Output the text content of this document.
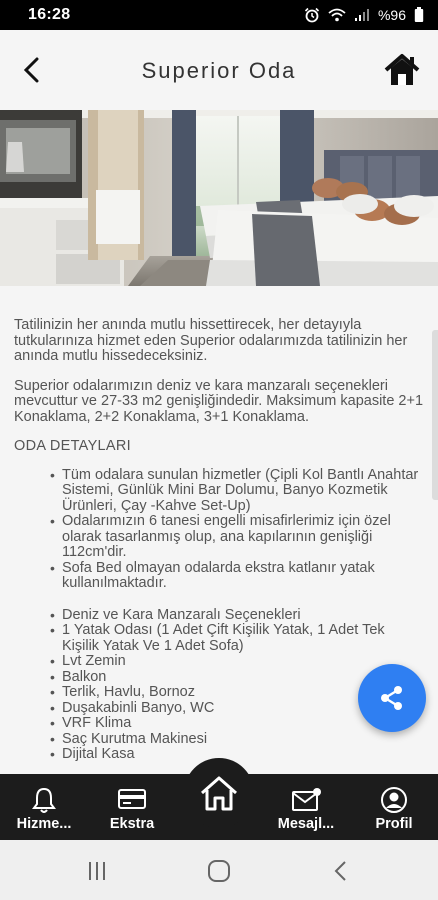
16:28	%96
Superior Oda

Tatilinizin her anında mutlu hissettirecek, her detayıyla tutkularınıza hizmet eden Superior odalarımızda tatilinizin her anında mutlu hissedeceksiniz.

Superior odalarımızın deniz ve kara manzaralı seçenekleri mevcuttur ve 27-33 m2 genişliğindedir. Maksimum kapasite 2+1 Konaklama, 2+2 Konaklama, 3+1 Konaklama.

ODA DETAYLARI
• Tüm odalara sunulan hizmetler (Çipli Kol Bantlı Anahtar Sistemi, Günlük Mini Bar Dolumu, Banyo Kozmetik Ürünleri, Çay -Kahve Set-Up)
• Odalarımızın 6 tanesi engelli misafirlerimiz için özel olarak tasarlanmış olup, ana kapılarının genişliği 112cm'dir.
• Sofa Bed olmayan odalarda ekstra katlanır yatak kullanılmaktadır.
• Deniz ve Kara Manzaralı Seçenekleri
• 1 Yatak Odası (1 Adet Çift Kişilik Yatak, 1 Adet Tek Kişilik Yatak Ve 1 Adet Sofa)
• Lvt Zemin
• Balkon
• Terlik, Havlu, Bornoz
• Duşakabinli Banyo, WC
• VRF Klima
• Saç Kurutma Makinesi
• Dijital Kasa
Hizme...	Ekstra	Mesajl...	Profil
